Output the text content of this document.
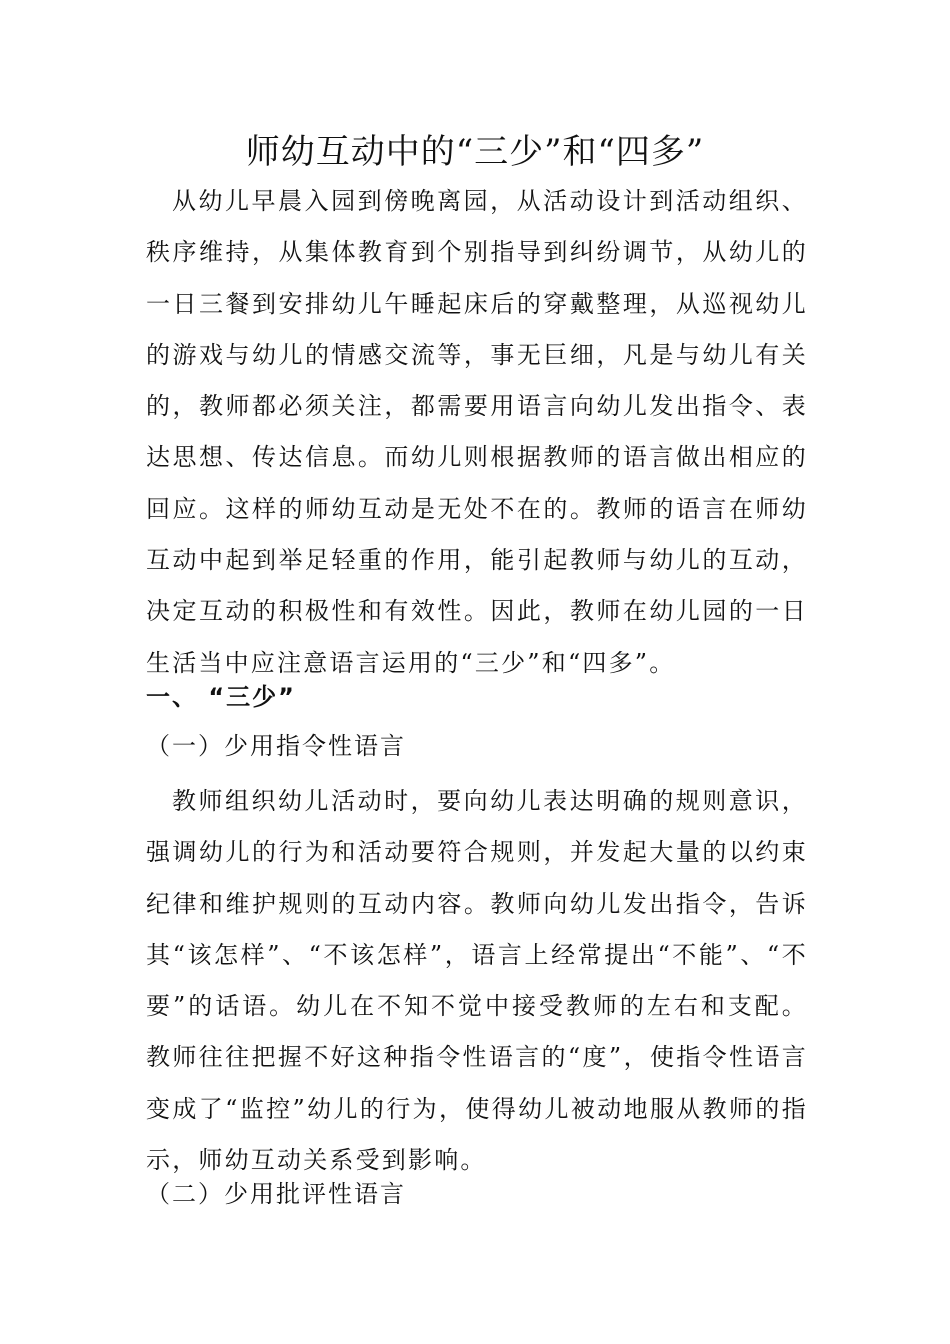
师幼互动中的“三少”和“四多”

从幼儿早晨入园到傍晚离园，从活动设计到活动组织、秩序维持，从集体教育到个别指导到纠纷调节，从幼儿的一日三餐到安排幼儿午睡起床后的穿戴整理，从巡视幼儿的游戏与幼儿的情感交流等，事无巨细，凡是与幼儿有关的，教师都必须关注，都需要用语言向幼儿发出指令、表达思想、传达信息。而幼儿则根据教师的语言做出相应的回应。这样的师幼互动是无处不在的。教师的语言在师幼互动中起到举足轻重的作用，能引起教师与幼儿的互动，决定互动的积极性和有效性。因此，教师在幼儿园的一日生活当中应注意语言运用的“三少”和“四多”。

一、 “三少”
（一）少用指令性语言

教师组织幼儿活动时，要向幼儿表达明确的规则意识，强调幼儿的行为和活动要符合规则，并发起大量的以约束纪律和维护规则的互动内容。教师向幼儿发出指令，告诉其“该怎样”、“不该怎样”，语言上经常提出“不能”、“不要”的话语。幼儿在不知不觉中接受教师的左右和支配。教师往往把握不好这种指令性语言的“度”，使指令性语言变成了“监控”幼儿的行为，使得幼儿被动地服从教师的指示，师幼互动关系受到影响。

（二）少用批评性语言
